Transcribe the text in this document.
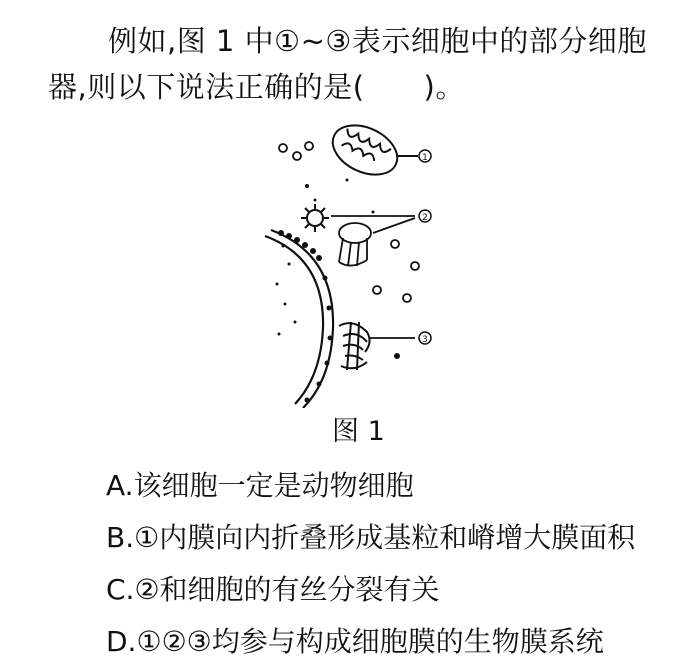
例如,图 1 中①~③表示细胞中的部分细胞器,则以下说法正确的是(　　)。
1
2
3
图 1
A.该细胞一定是动物细胞
B.①内膜向内折叠形成基粒和嵴增大膜面积
C.②和细胞的有丝分裂有关
D.①②③均参与构成细胞膜的生物膜系统
